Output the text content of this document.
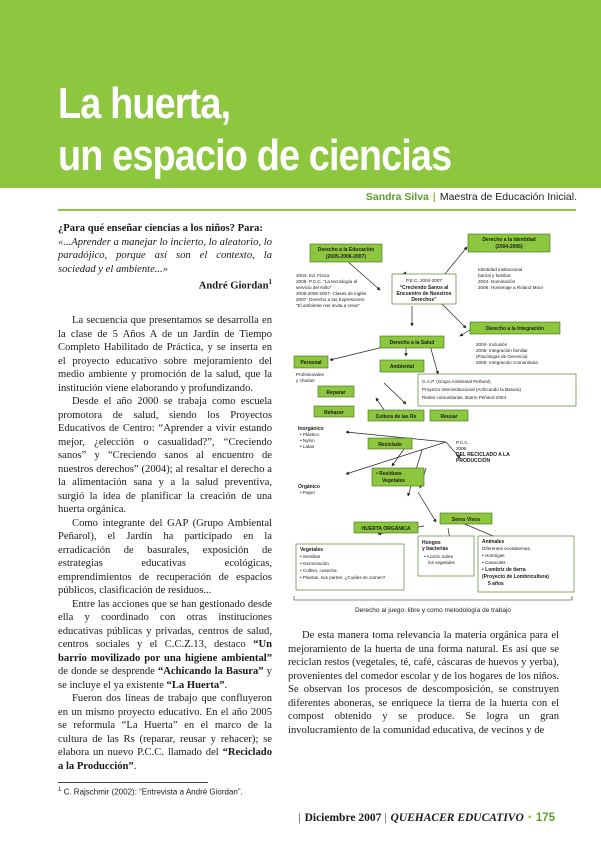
La huerta,
un espacio de ciencias
Sandra Silva | Maestra de Educación Inicial.

¿Para qué enseñar ciencias a los niños? Para:

«...Aprender a manejar lo incierto, lo aleatorio, lo paradójico, porque así son el contexto, la sociedad y el ambiente...»

André Giordan$^1$

La secuencia que presentamos se desarrolla en la clase de 5 Años A de un Jardín de Tiempo Completo Habilitado de Práctica, y se inserta en el proyecto educativo sobre mejoramiento del medio ambiente y promoción de la salud, que la institución viene elaborando y profundizando.

Desde el año 2000 se trabaja como escuela promotora de salud, siendo los Proyectos Educativos de Centro: “Aprender a vivir estando mejor, ¿elección o casualidad?”, “Creciendo sanos” y “Creciendo sanos al encuentro de nuestros derechos” (2004); al resaltar el derecho a la alimentación sana y a la salud preventiva, surgió la idea de planificar la creación de una huerta orgánica.

Como integrante del GAP (Grupo Ambiental Peñarol), el Jardín ha participado en la erradicación de basurales, exposición de estrategias educativas ecológicas, emprendimientos de recuperación de espacios públicos, clasificación de residuos...

Entre las acciones que se han gestionado desde ella y coordinado con otras instituciones educativas públicas y privadas, centros de salud, centros sociales y el C.C.Z.13, destaco “Un barrio movilizado por una higiene ambiental” de donde se desprende “Achicando la Basura” y se incluye el ya existente “La Huerta”.

Fueron dos líneas de trabajo que confluyeron en un mismo proyecto educativo. En el año 2005 se reformula “La Huerta” en el marco de la cultura de las Rs (reparar, reusar y rehacer); se elabora un nuevo P.C.C. llamado del “Reciclado a la Producción”.

Derecho a la Educación
(2005-2006-2007)
Derecho a la Identidad
(2004-2006)
P.E.C. 2004-2007
“Creciendo Sanos al
Encuentro de Nuestros
Derechos”
Derecho a la Integración
Derecho a la Salud
Personal
Ambiental
G.A.P. (Grupo Ambiental Peñarol)
Proyecto Interinstitucional (Achicando la Basura)
Redes comunitarias. Barrio Peñarol 2004
Reparar
Rehacer
Cultura de las Rs	Reusar
Reciclado
• Residuos
Vegetales
HUERTA ORGÁNICA
Seres Vivos
Hongos
y bacterias
• Acción sobre
los vegetales
Vegetales
• Semillas
• Germinación
• Cultivo, cosecha
• Plantas, sus partes. ¿Cuáles se comen?
Animales
Diferentes ecosistemas.
• Hormigas
• Caracoles
• Lombriz de tierra
(Proyecto de Lombricultura)
5 años
2004- Ed. Física
2005- P.C.C. “La tecnología al
servicio del Niño”
2005-2006-2007- Clases de inglés
2007- Derecho a las Expresiones:
“El ambiente nos invita a crear”
Identidad institucional
barrial y familiar.
2004- Nominación
2006: Homenaje a Roland Moor
2004- Inclusión
2005- Integración familiar
(Psicólogas de Gerencia)
2006- Integración Comunitaria
Profesionales
y charlas
Inorgánico
• Plástico
• Nylon
• Latas
P.C.C.
2006
DEL RECICLADO A LA
PRODUCCIÓN
Orgánico
• Papel
Derecho al juego: libre y como metodología de trabajo

De esta manera toma relevancia la materia orgánica para el mejoramiento de la huerta de una forma natural. Es así que se reciclan restos (vegetales, té, café, cáscaras de huevos y yerba), provenientes del comedor escolar y de los hogares de los niños. Se observan los procesos de descomposición, se construyen diferentes aboneras, se enriquece la tierra de la huerta con el compost obtenido y se produce. Se logra un gran involucramiento de la comunidad educativa, de vecinos y de

$^1$ C. Rajschmir (2002): “Entrevista a André Giordan”.
| Diciembre 2007 | QUEHACER EDUCATIVO • 175
